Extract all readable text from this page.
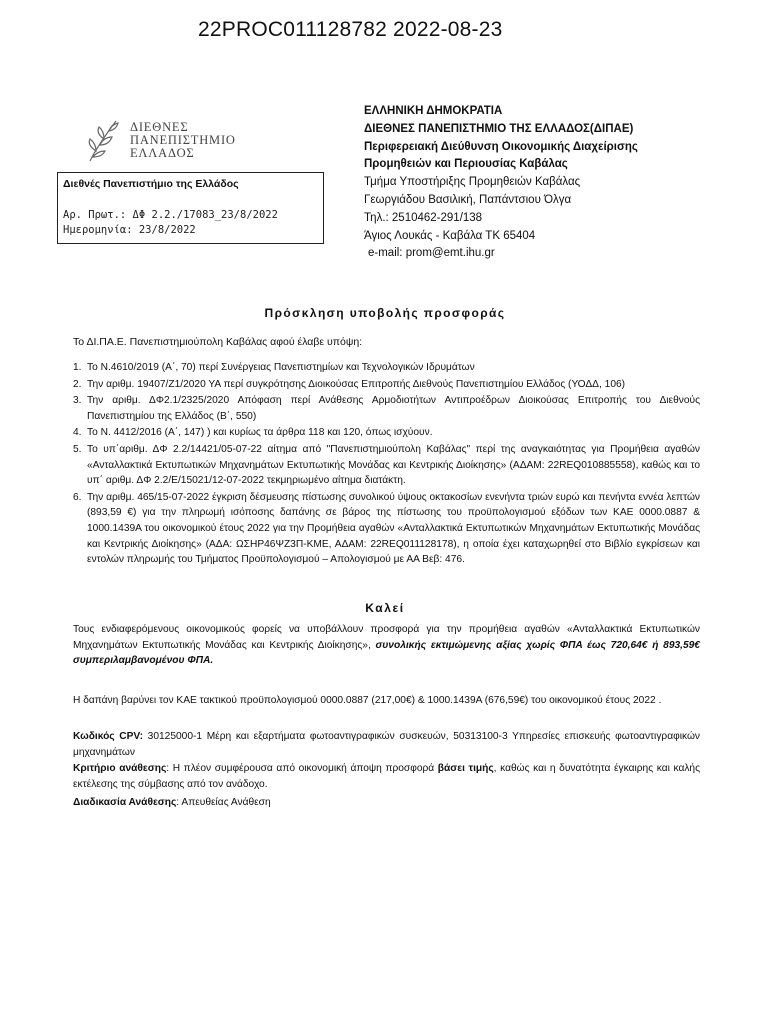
22PROC011128782 2022-08-23
ΔΙΕΘΝΕΣ
ΠΑΝΕΠΙΣΤΗΜΙΟ
ΕΛΛΑΔΟΣ
Διεθνές Πανεπιστήμιο της Ελλάδος
Αρ. Πρωτ.: ΔΦ 2.2./17083_23/8/2022
Ημερομηνία: 23/8/2022
ΕΛΛΗΝΙΚΗ ΔΗΜΟΚΡΑΤΙΑ
ΔΙΕΘΝΕΣ ΠΑΝΕΠΙΣΤΗΜΙΟ ΤΗΣ ΕΛΛΑΔΟΣ(ΔΙΠΑΕ)
Περιφερειακή Διεύθυνση Οικονομικής Διαχείρισης
Προμηθειών και Περιουσίας Καβάλας
Τμήμα Υποστήριξης Προμηθειών Καβάλας
Γεωργιάδου Βασιλική, Παπάντσιου Όλγα
Τηλ.: 2510462-291/138
Άγιος Λουκάς - Καβάλα ΤΚ 65404
e-mail: prom@emt.ihu.gr
Πρόσκληση υποβολής προσφοράς
Το ΔΙ.ΠΑ.Ε. Πανεπιστημιούπολη Καβάλας αφού έλαβε υπόψη:
1. Το Ν.4610/2019 (Α΄, 70) περί Συνέργειας Πανεπιστημίων και Τεχνολογικών Ιδρυμάτων
2. Την αριθμ. 19407/Ζ1/2020 ΥΑ περί συγκρότησης Διοικούσας Επιτροπής Διεθνούς Πανεπιστημίου Ελλάδος (ΥΟΔΔ, 106)
3. Την αριθμ. ΔΦ2.1/2325/2020 Απόφαση περί Ανάθεσης Αρμοδιοτήτων Αντιπροέδρων Διοικούσας Επιτροπής του Διεθνούς Πανεπιστημίου της Ελλάδος (Β΄, 550)
4. Το Ν. 4412/2016 (Α΄, 147) ) και κυρίως τα άρθρα 118 και 120, όπως ισχύουν.
5. Το υπ΄αριθμ. ΔΦ 2.2/14421/05-07-22 αίτημα από "Πανεπιστημιούπολη Καβάλας" περί της αναγκαιότητας για Προμήθεια αγαθών «Ανταλλακτικά Εκτυπωτικών Μηχανημάτων Εκτυπωτικής Μονάδας και Κεντρικής Διοίκησης» (ΑΔΑΜ: 22REQ010885558), καθώς και το υπ΄ αριθμ. ΔΦ 2.2/Ε/15021/12-07-2022 τεκμηριωμένο αίτημα διατάκτη.
6. Την αριθμ. 465/15-07-2022 έγκριση δέσμευσης πίστωσης συνολικού ύψους οκτακοσίων ενενήντα τριών ευρώ και πενήντα εννέα λεπτών (893,59 €) για την πληρωμή ισόποσης δαπάνης σε βάρος της πίστωσης του προϋπολογισμού εξόδων των ΚΑΕ 0000.0887 & 1000.1439Α του οικονομικού έτους 2022 για την Προμήθεια αγαθών «Ανταλλακτικά Εκτυπωτικών Μηχανημάτων Εκτυπωτικής Μονάδας και Κεντρικής Διοίκησης» (ΑΔΑ: ΩΣΗΡ46ΨΖ3Π-ΚΜΕ, ΑΔΑΜ: 22REQ011128178), η οποία έχει καταχωρηθεί στο Βιβλίο εγκρίσεων και εντολών πληρωμής του Τμήματος Προϋπολογισμού – Απολογισμού με ΑΑ Βεβ: 476.
Καλεί
Τους ενδιαφερόμενους οικονομικούς φορείς να υποβάλλουν προσφορά για την προμήθεια αγαθών «Ανταλλακτικά Εκτυπωτικών Μηχανημάτων Εκτυπωτικής Μονάδας και Κεντρικής Διοίκησης», συνολικής εκτιμώμενης αξίας χωρίς ΦΠΑ έως 720,64€ ή 893,59€ συμπεριλαμβανομένου ΦΠΑ.
Η δαπάνη βαρύνει τον ΚΑΕ τακτικού προϋπολογισμού 0000.0887 (217,00€) & 1000.1439Α (676,59€) του οικονομικού έτους 2022 .
Κωδικός CPV: 30125000-1 Μέρη και εξαρτήματα φωτοαντιγραφικών συσκευών, 50313100-3 Υπηρεσίες επισκευής φωτοαντιγραφικών μηχανημάτων
Κριτήριο ανάθεσης: Η πλέον συμφέρουσα από οικονομική άποψη προσφορά βάσει τιμής, καθώς και η δυνατότητα έγκαιρης και καλής εκτέλεσης της σύμβασης από τον ανάδοχο.
Διαδικασία Ανάθεσης: Απευθείας Ανάθεση
